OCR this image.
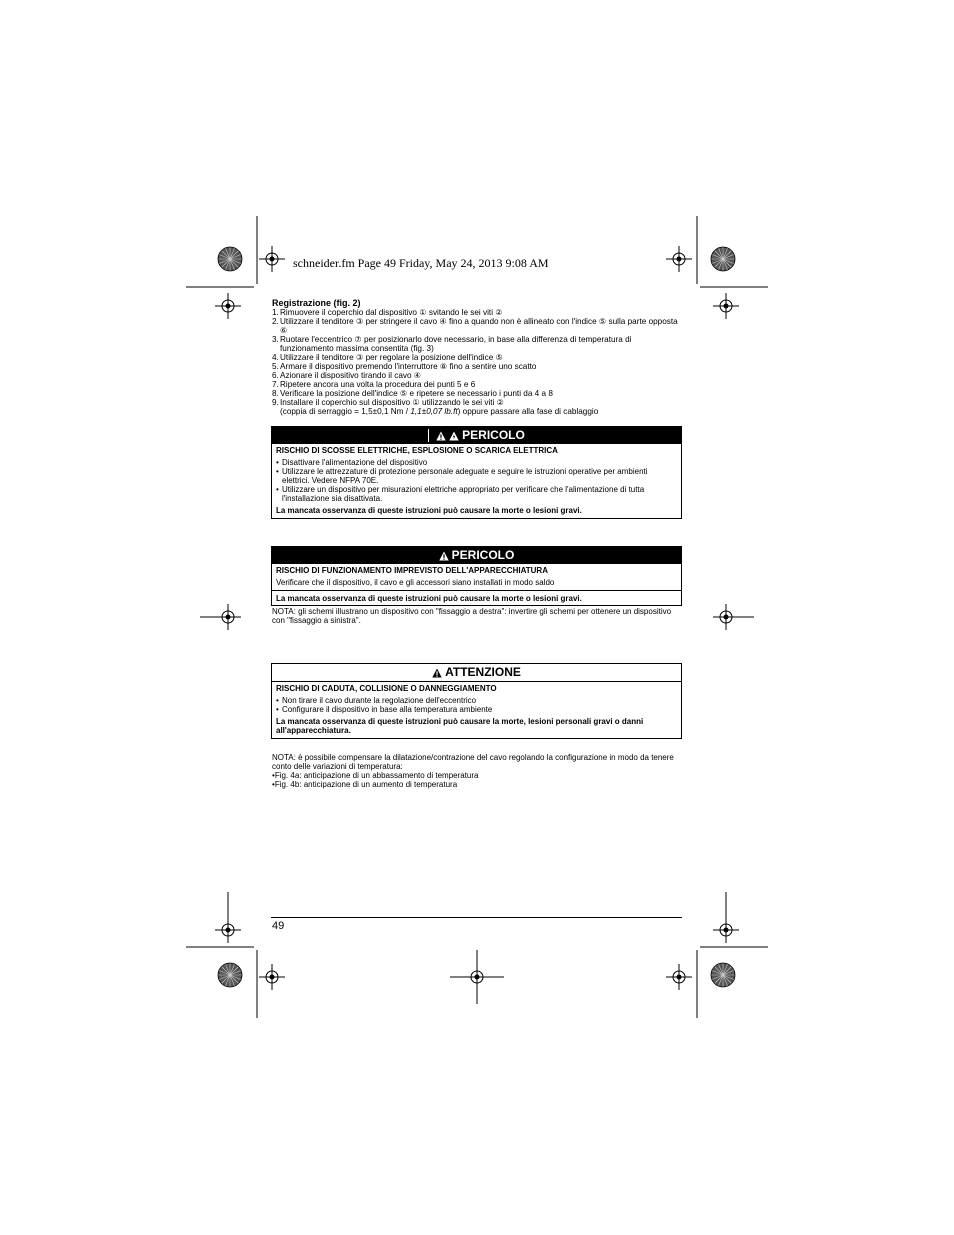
schneider.fm Page 49 Friday, May 24, 2013 9:08 AM
Registrazione (fig. 2)
1. Rimuovere il coperchio dal dispositivo ① svitando le sei viti ②
2. Utilizzare il tenditore ③ per stringere il cavo ④ fino a quando non è allineato con l'indice ⑤ sulla parte opposta ⑥
3. Ruotare l'eccentrico ⑦ per posizionarlo dove necessario, in base alla differenza di temperatura di funzionamento massima consentita (fig. 3)
4. Utilizzare il tenditore ③ per regolare la posizione dell'indice ⑤
5. Armare il dispositivo premendo l'interruttore ⑧ fino a sentire uno scatto
6. Azionare il dispositivo tirando il cavo ④
7. Ripetere ancora una volta la procedura dei punti 5 e 6
8. Verificare la posizione dell'indice ⑤ e ripetere se necessario i punti da 4 a 8
9. Installare il coperchio sul dispositivo ① utilizzando le sei viti ②
(coppia di serraggio = 1,5±0,1 Nm / 1,1±0,07 lb.ft) oppure passare alla fase di cablaggio
PERICOLO
RISCHIO DI SCOSSE ELETTRICHE, ESPLOSIONE O SCARICA ELETTRICA
• Disattivare l'alimentazione del dispositivo
• Utilizzare le attrezzature di protezione personale adeguate e seguire le istruzioni operative per ambienti elettrici. Vedere NFPA 70E.
• Utilizzare un dispositivo per misurazioni elettriche appropriato per verificare che l'alimentazione di tutta l'installazione sia disattivata.
La mancata osservanza di queste istruzioni può causare la morte o lesioni gravi.
PERICOLO
RISCHIO DI FUNZIONAMENTO IMPREVISTO DELL'APPARECCHIATURA
Verificare che il dispositivo, il cavo e gli accessori siano installati in modo saldo
La mancata osservanza di queste istruzioni può causare la morte o lesioni gravi.
NOTA: gli schemi illustrano un dispositivo con "fissaggio a destra": invertire gli schemi per ottenere un dispositivo con "fissaggio a sinistra".
ATTENZIONE
RISCHIO DI CADUTA, COLLISIONE O DANNEGGIAMENTO
• Non tirare il cavo durante la regolazione dell'eccentrico
• Configurare il dispositivo in base alla temperatura ambiente
La mancata osservanza di queste istruzioni può causare la morte, lesioni personali gravi o danni all'apparecchiatura.
NOTA: è possibile compensare la dilatazione/contrazione del cavo regolando la configurazione in modo da tenere conto delle variazioni di temperatura:
•Fig. 4a: anticipazione di un abbassamento di temperatura
•Fig. 4b: anticipazione di un aumento di temperatura
49
